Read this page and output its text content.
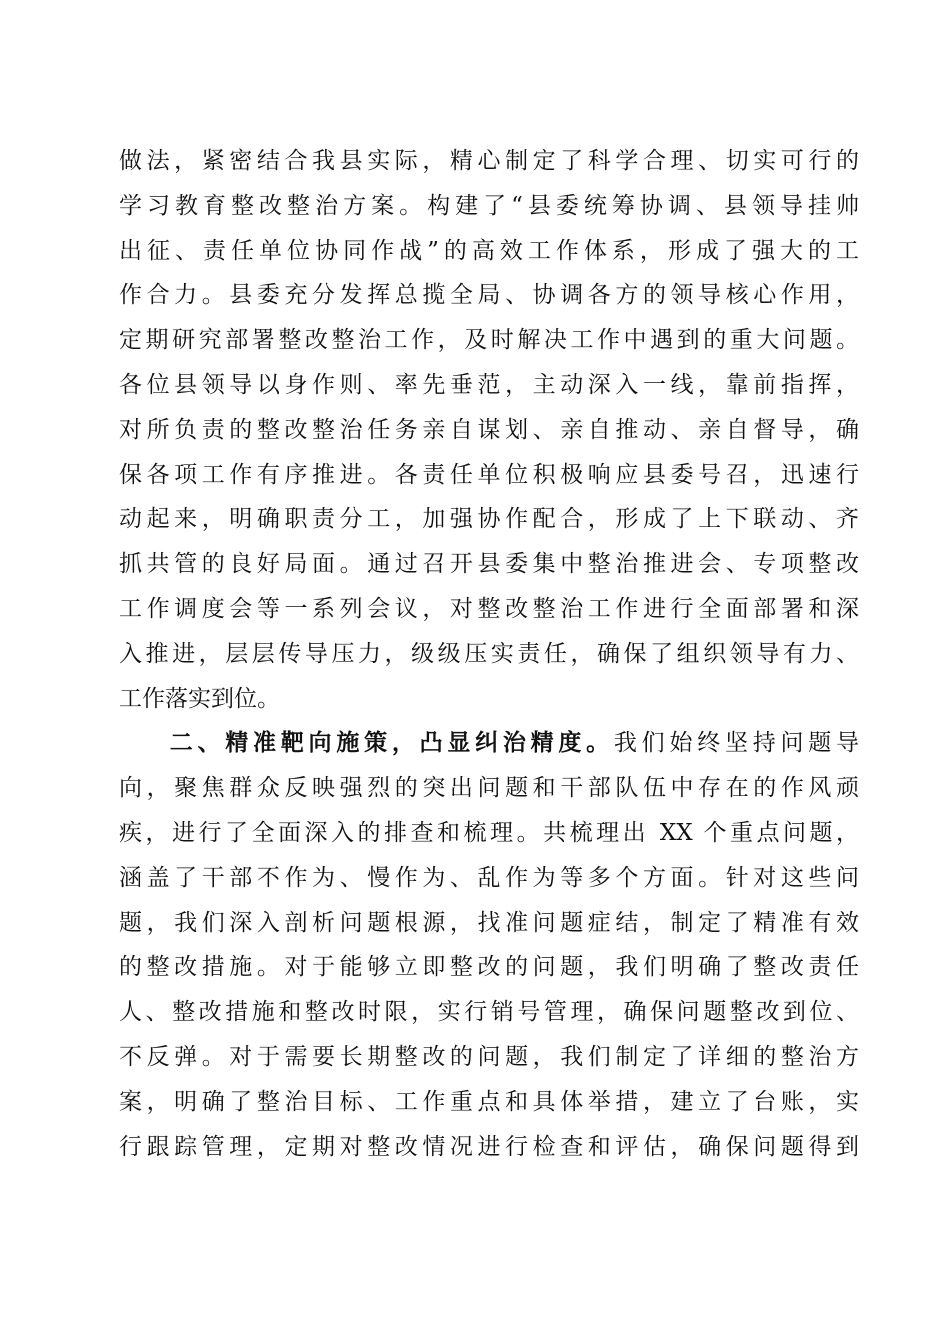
做法，紧密结合我县实际，精心制定了科学合理、切实可行的
学习教育整改整治方案。构建了“县委统筹协调、县领导挂帅
出征、责任单位协同作战”的高效工作体系，形成了强大的工
作合力。县委充分发挥总揽全局、协调各方的领导核心作用，
定期研究部署整改整治工作，及时解决工作中遇到的重大问题。
各位县领导以身作则、率先垂范，主动深入一线，靠前指挥，
对所负责的整改整治任务亲自谋划、亲自推动、亲自督导，确
保各项工作有序推进。各责任单位积极响应县委号召，迅速行
动起来，明确职责分工，加强协作配合，形成了上下联动、齐
抓共管的良好局面。通过召开县委集中整治推进会、专项整改
工作调度会等一系列会议，对整改整治工作进行全面部署和深
入推进，层层传导压力，级级压实责任，确保了组织领导有力、
工作落实到位。
二、精准靶向施策，凸显纠治精度。我们始终坚持问题导
向，聚焦群众反映强烈的突出问题和干部队伍中存在的作风顽
疾，进行了全面深入的排查和梳理。共梳理出 XX 个重点问题，
涵盖了干部不作为、慢作为、乱作为等多个方面。针对这些问
题，我们深入剖析问题根源，找准问题症结，制定了精准有效
的整改措施。对于能够立即整改的问题，我们明确了整改责任
人、整改措施和整改时限，实行销号管理，确保问题整改到位、
不反弹。对于需要长期整改的问题，我们制定了详细的整治方
案，明确了整治目标、工作重点和具体举措，建立了台账，实
行跟踪管理，定期对整改情况进行检查和评估，确保问题得到
